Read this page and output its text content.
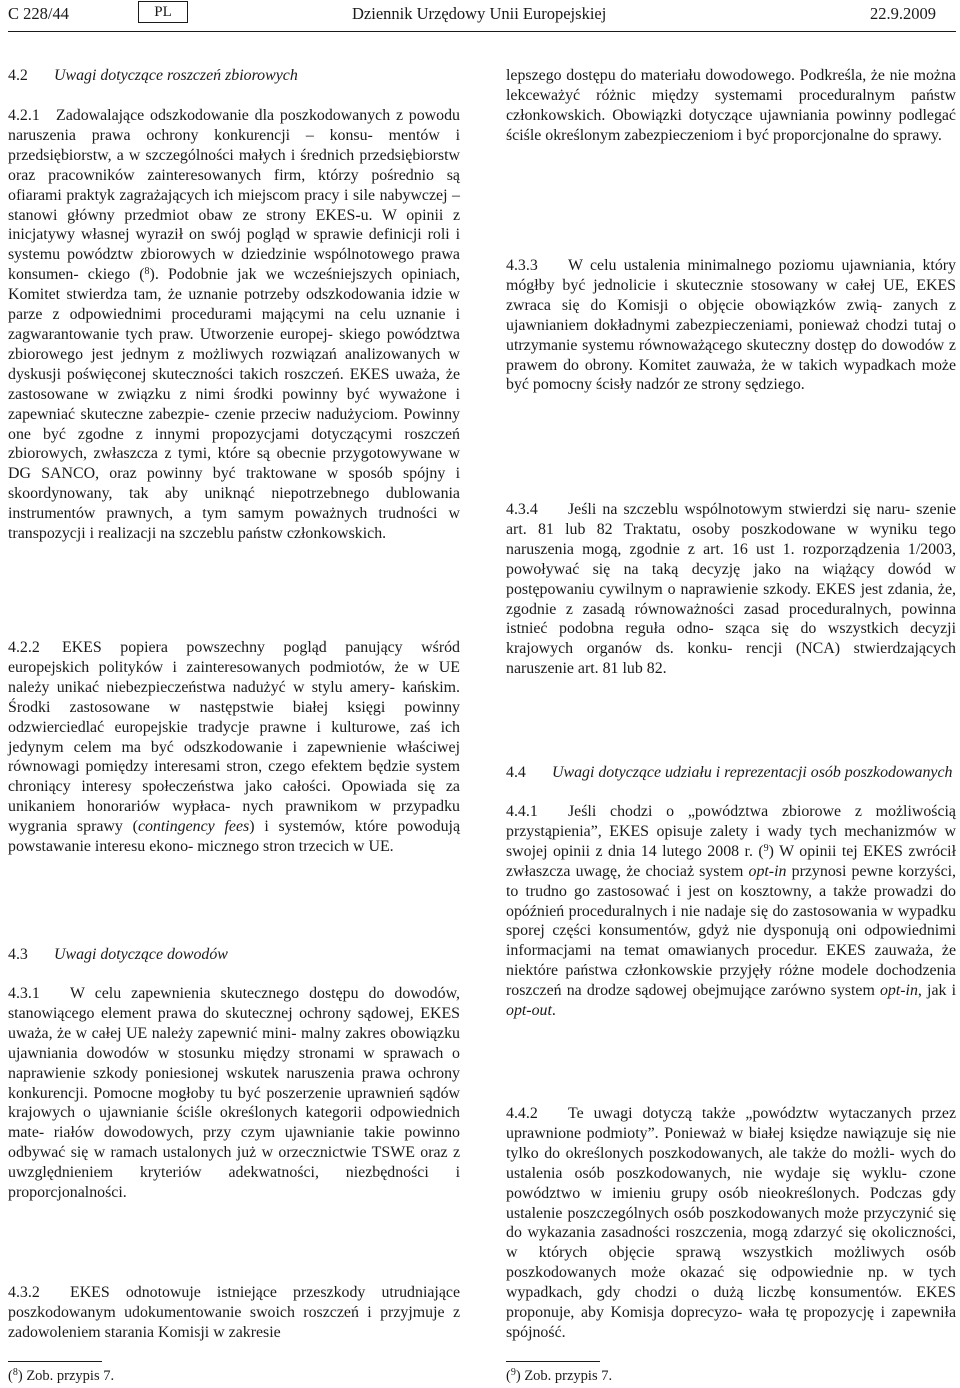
C 228/44	PL	Dziennik Urzędowy Unii Europejskiej	22.9.2009
4.2 Uwagi dotyczące roszczeń zbiorowych

4.2.1 Zadowalające odszkodowanie dla poszkodowanych z powodu naruszenia prawa ochrony konkurencji – konsu- mentów i przedsiębiorstw, a w szczególności małych i średnich przedsiębiorstw oraz pracowników zainteresowanych firm, którzy pośrednio są ofiarami praktyk zagrażających ich miejscom pracy i sile nabywczej – stanowi główny przedmiot obaw ze strony EKES-u. W opinii z inicjatywy własnej wyraził on swój pogląd w sprawie definicji roli i systemu powództw zbiorowych w dziedzinie wspólnotowego prawa konsumen- ckiego ($^8$). Podobnie jak we wcześniejszych opiniach, Komitet stwierdza tam, że uznanie potrzeby odszkodowania idzie w parze z odpowiednimi procedurami mającymi na celu uznanie i zagwarantowanie tych praw. Utworzenie europej- skiego powództwa zbiorowego jest jednym z możliwych rozwiązań analizowanych w dyskusji poświęconej skuteczności takich roszczeń. EKES uważa, że zastosowane w związku z nimi środki powinny być wyważone i zapewniać skuteczne zabezpie- czenie przeciw nadużyciom. Powinny one być zgodne z innymi propozycjami dotyczącymi roszczeń zbiorowych, zwłaszcza z tymi, które są obecnie przygotowywane w DG SANCO, oraz powinny być traktowane w sposób spójny i skoordynowany, tak aby uniknąć niepotrzebnego dublowania instrumentów prawnych, a tym samym poważnych trudności w transpozycji i realizacji na szczeblu państw członkowskich.

4.2.2 EKES popiera powszechny pogląd panujący wśród europejskich polityków i zainteresowanych podmiotów, że w UE należy unikać niebezpieczeństwa nadużyć w stylu amery- kańskim. Środki zastosowane w następstwie białej księgi powinny odzwierciedlać europejskie tradycje prawne i kulturowe, zaś ich jedynym celem ma być odszkodowanie i zapewnienie właściwej równowagi pomiędzy interesami stron, czego efektem będzie system chroniący interesy społeczeństwa jako całości. Opowiada się za unikaniem honorariów wypłaca- nych prawnikom w przypadku wygrania sprawy (contingency fees) i systemów, które powodują powstawanie interesu ekono- micznego stron trzecich w UE.

4.3 Uwagi dotyczące dowodów

4.3.1 W celu zapewnienia skutecznego dostępu do dowodów, stanowiącego element prawa do skutecznej ochrony sądowej, EKES uważa, że w całej UE należy zapewnić mini- malny zakres obowiązku ujawniania dowodów w stosunku między stronami w sprawach o naprawienie szkody poniesionej wskutek naruszenia prawa ochrony konkurencji. Pomocne mogłoby tu być poszerzenie uprawnień sądów krajowych o ujawnianie ściśle określonych kategorii odpowiednich mate- riałów dowodowych, przy czym ujawnianie takie powinno odbywać się w ramach ustalonych już w orzecznictwie TSWE oraz z uwzględnieniem kryteriów adekwatności, niezbędności i proporcjonalności.

4.3.2 EKES odnotowuje istniejące przeszkody utrudniające poszkodowanym udokumentowanie swoich roszczeń i przyjmuje z zadowoleniem starania Komisji w zakresie

($^8$) Zob. przypis 7.

lepszego dostępu do materiału dowodowego. Podkreśla, że nie można lekceważyć różnic między systemami proceduralnym państw członkowskich. Obowiązki dotyczące ujawniania powinny podlegać ściśle określonym zabezpieczeniom i być proporcjonalne do sprawy.

4.3.3 W celu ustalenia minimalnego poziomu ujawniania, który mógłby być jednolicie i skutecznie stosowany w całej UE, EKES zwraca się do Komisji o objęcie obowiązków zwią- zanych z ujawnianiem dokładnymi zabezpieczeniami, ponieważ chodzi tutaj o utrzymanie systemu równoważącego skuteczny dostęp do dowodów z prawem do obrony. Komitet zauważa, że w takich wypadkach może być pomocny ścisły nadzór ze strony sędziego.

4.3.4 Jeśli na szczeblu wspólnotowym stwierdzi się naru- szenie art. 81 lub 82 Traktatu, osoby poszkodowane w wyniku tego naruszenia mogą, zgodnie z art. 16 ust 1. rozporządzenia 1/2003, powoływać się na taką decyzję jako na wiążący dowód w postępowaniu cywilnym o naprawienie szkody. EKES jest zdania, że, zgodnie z zasadą równoważności zasad proceduralnych, powinna istnieć podobna reguła odno- sząca się do wszystkich decyzji krajowych organów ds. konku- rencji (NCA) stwierdzających naruszenie art. 81 lub 82.

4.4 Uwagi dotyczące udziału i reprezentacji osób poszkodowanych

4.4.1 Jeśli chodzi o „powództwa zbiorowe z możliwością przystąpienia”, EKES opisuje zalety i wady tych mechanizmów w swojej opinii z dnia 14 lutego 2008 r. ($^9$) W opinii tej EKES zwrócił zwłaszcza uwagę, że chociaż system opt-in przynosi pewne korzyści, to trudno go zastosować i jest on kosztowny, a także prowadzi do opóźnień proceduralnych i nie nadaje się do zastosowania w wypadku sporej części konsumentów, gdyż nie dysponują oni odpowiednimi informacjami na temat omawianych procedur. EKES zauważa, że niektóre państwa członkowskie przyjęły różne modele dochodzenia roszczeń na drodze sądowej obejmujące zarówno system opt-in, jak i opt-out.

4.4.2 Te uwagi dotyczą także „powództw wytaczanych przez uprawnione podmioty”. Ponieważ w białej księdze nawiązuje się nie tylko do określonych poszkodowanych, ale także do możli- wych do ustalenia osób poszkodowanych, nie wydaje się wyklu- czone powództwo w imieniu grupy osób nieokreślonych. Podczas gdy ustalenie poszczególnych osób poszkodowanych może przyczynić się do wykazania zasadności roszczenia, mogą zdarzyć się okoliczności, w których objęcie sprawą wszystkich możliwych osób poszkodowanych może okazać się odpowiednie np. w tych wypadkach, gdy chodzi o dużą liczbę konsumentów. EKES proponuje, aby Komisja doprecyzo- wała tę propozycję i zapewniła spójność.

($^9$) Zob. przypis 7.
